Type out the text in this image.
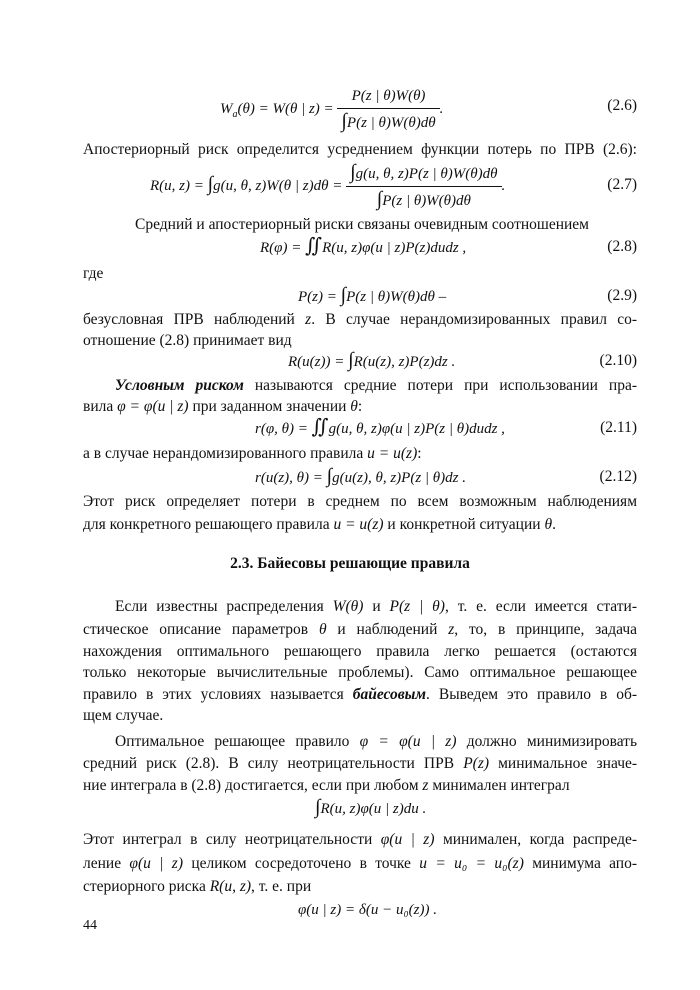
$W_a(\theta) = W(\theta$ | $z) = \frac{P(z | \theta)W(\theta)}{\int P(z | \theta)W(\theta)d\theta}$ .	(2.6)
Апостериорный риск определится усреднением функции потерь по ПРВ (2.6):
R(u, z) = ∫g(u, θ, z)W(θ | $z)d\theta = \frac{\int g(u, \theta, z)P(z | \theta)W(\theta)d\theta}{\int P(z | \theta)W(\theta)d\theta}$ .	(2.7)
Средний и апостериорный риски связаны очевидным соотношением
R(φ) = ∬R(u, z)φ(u | z)P(z)dudz ,	(2.8)
где
P(z) = ∫P(z | θ)W(θ)dθ –	(2.9)
безусловная ПРВ наблюдений z. В случае нерандомизированных правил со-
отношение (2.8) принимает вид
R(u(z)) = ∫R(u(z), z)P(z)dz .	(2.10)
Условным риском называются средние потери при использовании пра-
вила φ = φ(u | z) при заданном значении θ:
r(φ, θ) = ∬g(u, θ, z)φ(u | z)P(z | θ)dudz ,	(2.11)
а в случае нерандомизированного правила u = u(z):
r(u(z), θ) = ∫g(u(z), θ, z)P(z | θ)dz .	(2.12)
Этот риск определяет потери в среднем по всем возможным наблюдениям
для конкретного решающего правила u = u(z) и конкретной ситуации θ.
2.3. Байесовы решающие правила
Если известны распределения W(θ) и P(z | θ), т. е. если имеется стати-
стическое описание параметров θ и наблюдений z, то, в принципе, задача
нахождения оптимального решающего правила легко решается (остаются
только некоторые вычислительные проблемы). Само оптимальное решающее
правило в этих условиях называется байесовым. Выведем это правило в об-
щем случае.
Оптимальное решающее правило φ = φ(u | z) должно минимизировать
средний риск (2.8). В силу неотрицательности ПРВ P(z) минимальное значе-
ние интеграла в (2.8) достигается, если при любом z минимален интеграл
∫R(u, z)φ(u | z)du .
Этот интеграл в силу неотрицательности φ(u | z) минимален, когда распреде-
ление φ(u | z) целиком сосредоточено в точке u = u₀ = u₀(z) минимума апо-
стериорного риска R(u, z), т. е. при
φ(u | z) = δ(u − u₀(z)) .
44
